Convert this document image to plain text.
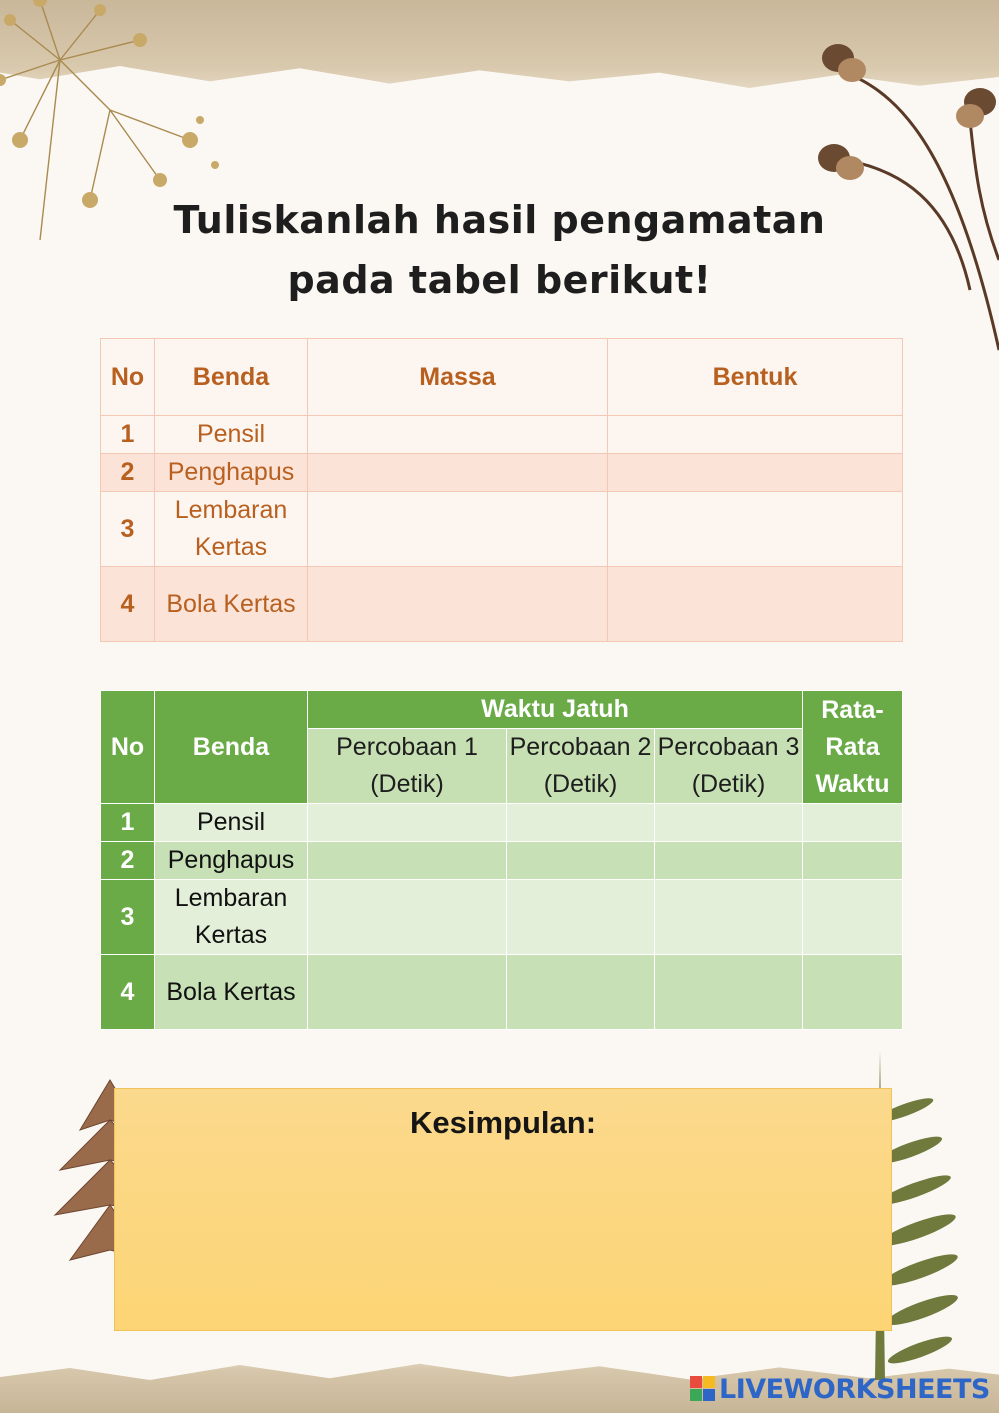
Tuliskanlah hasil pengamatan
pada tabel berikut!
No	Benda	Massa	Bentuk
1	Pensil		
2	Penghapus		
3	Lembaran Kertas		
4	Bola Kertas		
No	Benda	Waktu Jatuh			Rata-Rata Waktu
		Percobaan 1 (Detik)	Percobaan 2 (Detik)	Percobaan 3 (Detik)	
1	Pensil				
2	Penghapus				
3	Lembaran Kertas				
4	Bola Kertas				
Kesimpulan:
LIVEWORKSHEETS
